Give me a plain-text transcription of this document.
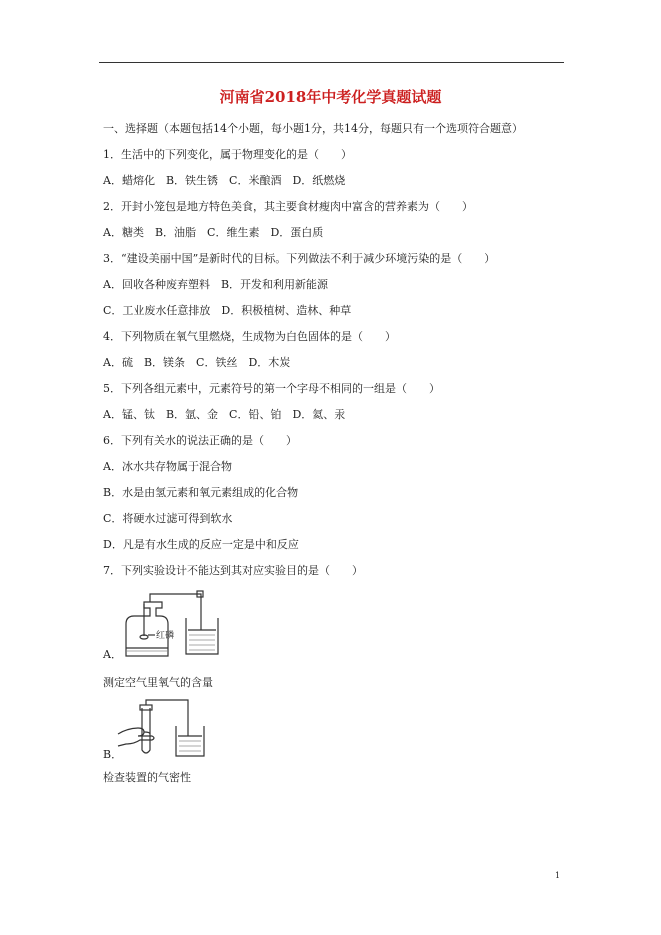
河南省2018年中考化学真题试题
一、选择题（本题包括14个小题，每小题1分，共14分，每题只有一个选项符合题意）
1．生活中的下列变化，属于物理变化的是（　　）
A．蜡熔化　B．铁生锈　C．米酿酒　D．纸燃烧
2．开封小笼包是地方特色美食，其主要食材瘦肉中富含的营养素为（　　）
A．糖类　B．油脂　C．维生素　D．蛋白质
3．“建设美丽中国”是新时代的目标。下列做法不利于减少环境污染的是（　　）
A．回收各种废弃塑料　B．开发和利用新能源
C．工业废水任意排放　D．积极植树、造林、种草
4．下列物质在氧气里燃烧，生成物为白色固体的是（　　）
A．硫　B．镁条　C．铁丝　D．木炭
5．下列各组元素中，元素符号的第一个字母不相同的一组是（　　）
A．锰、钛　B．氩、金　C．铅、铂　D．氦、汞
6．下列有关水的说法正确的是（　　）
A．冰水共存物属于混合物
B．水是由氢元素和氧元素组成的化合物
C．将硬水过滤可得到软水
D．凡是有水生成的反应一定是中和反应
7．下列实验设计不能达到其对应实验目的是（　　）
红磷
A．
测定空气里氧气的含量
B．
检查装置的气密性
1
